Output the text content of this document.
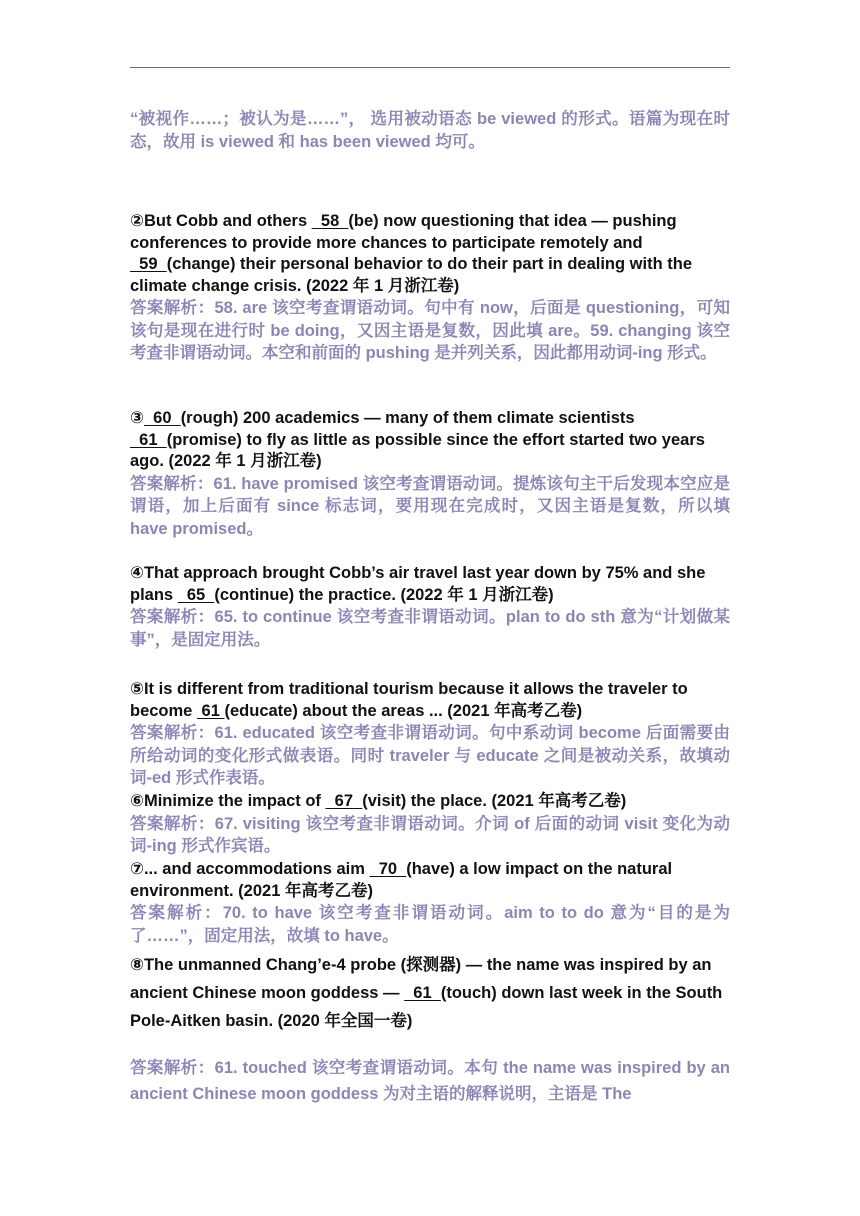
“被视作……；被认为是……”， 选用被动语态 be viewed 的形式。语篇为现在时态，故用 is viewed 和 has been viewed 均可。

②But Cobb and others   58  (be) now questioning that idea — pushing conferences to provide more chances to participate remotely and   59  (change) their personal behavior to do their part in dealing with the climate change crisis. (2022 年 1 月浙江卷)

答案解析：58. are 该空考查谓语动词。句中有 now，后面是 questioning，可知该句是现在进行时 be doing，又因主语是复数，因此填 are。59. changing 该空考查非谓语动词。本空和前面的 pushing 是并列关系，因此都用动词-ing 形式。

③  60  (rough) 200 academics — many of them climate scientists   61  (promise) to fly as little as possible since the effort started two years ago. (2022 年 1 月浙江卷)

答案解析：61. have promised 该空考查谓语动词。提炼该句主干后发现本空应是谓语，加上后面有 since 标志词，要用现在完成时，又因主语是复数，所以填 have promised。

④That approach brought Cobb’s air travel last year down by 75% and she plans   65  (continue) the practice. (2022 年 1 月浙江卷)

答案解析：65. to continue 该空考查非谓语动词。plan to do sth 意为“计划做某事”，是固定用法。

⑤It is different from traditional tourism because it allows the traveler to become  61 (educate) about the areas ... (2021 年高考乙卷)

答案解析：61. educated 该空考查非谓语动词。句中系动词 become 后面需要由所给动词的变化形式做表语。同时 traveler 与 educate 之间是被动关系，故填动词-ed 形式作表语。

⑥Minimize the impact of   67  (visit) the place. (2021 年高考乙卷)

答案解析：67. visiting 该空考查非谓语动词。介词 of 后面的动词 visit 变化为动词-ing 形式作宾语。

⑦... and accommodations aim   70  (have) a low impact on the natural environment. (2021 年高考乙卷)

答案解析：70. to have 该空考查非谓语动词。aim to to do 意为“目的是为了……”，固定用法，故填 to have。

⑧The unmanned Chang’e-4 probe (探测器) — the name was inspired by an ancient Chinese moon goddess —   61  (touch) down last week in the South Pole-Aitken basin. (2020 年全国一卷)

答案解析：61. touched 该空考查谓语动词。本句 the name was inspired by an ancient Chinese moon goddess 为对主语的解释说明，主语是 The
